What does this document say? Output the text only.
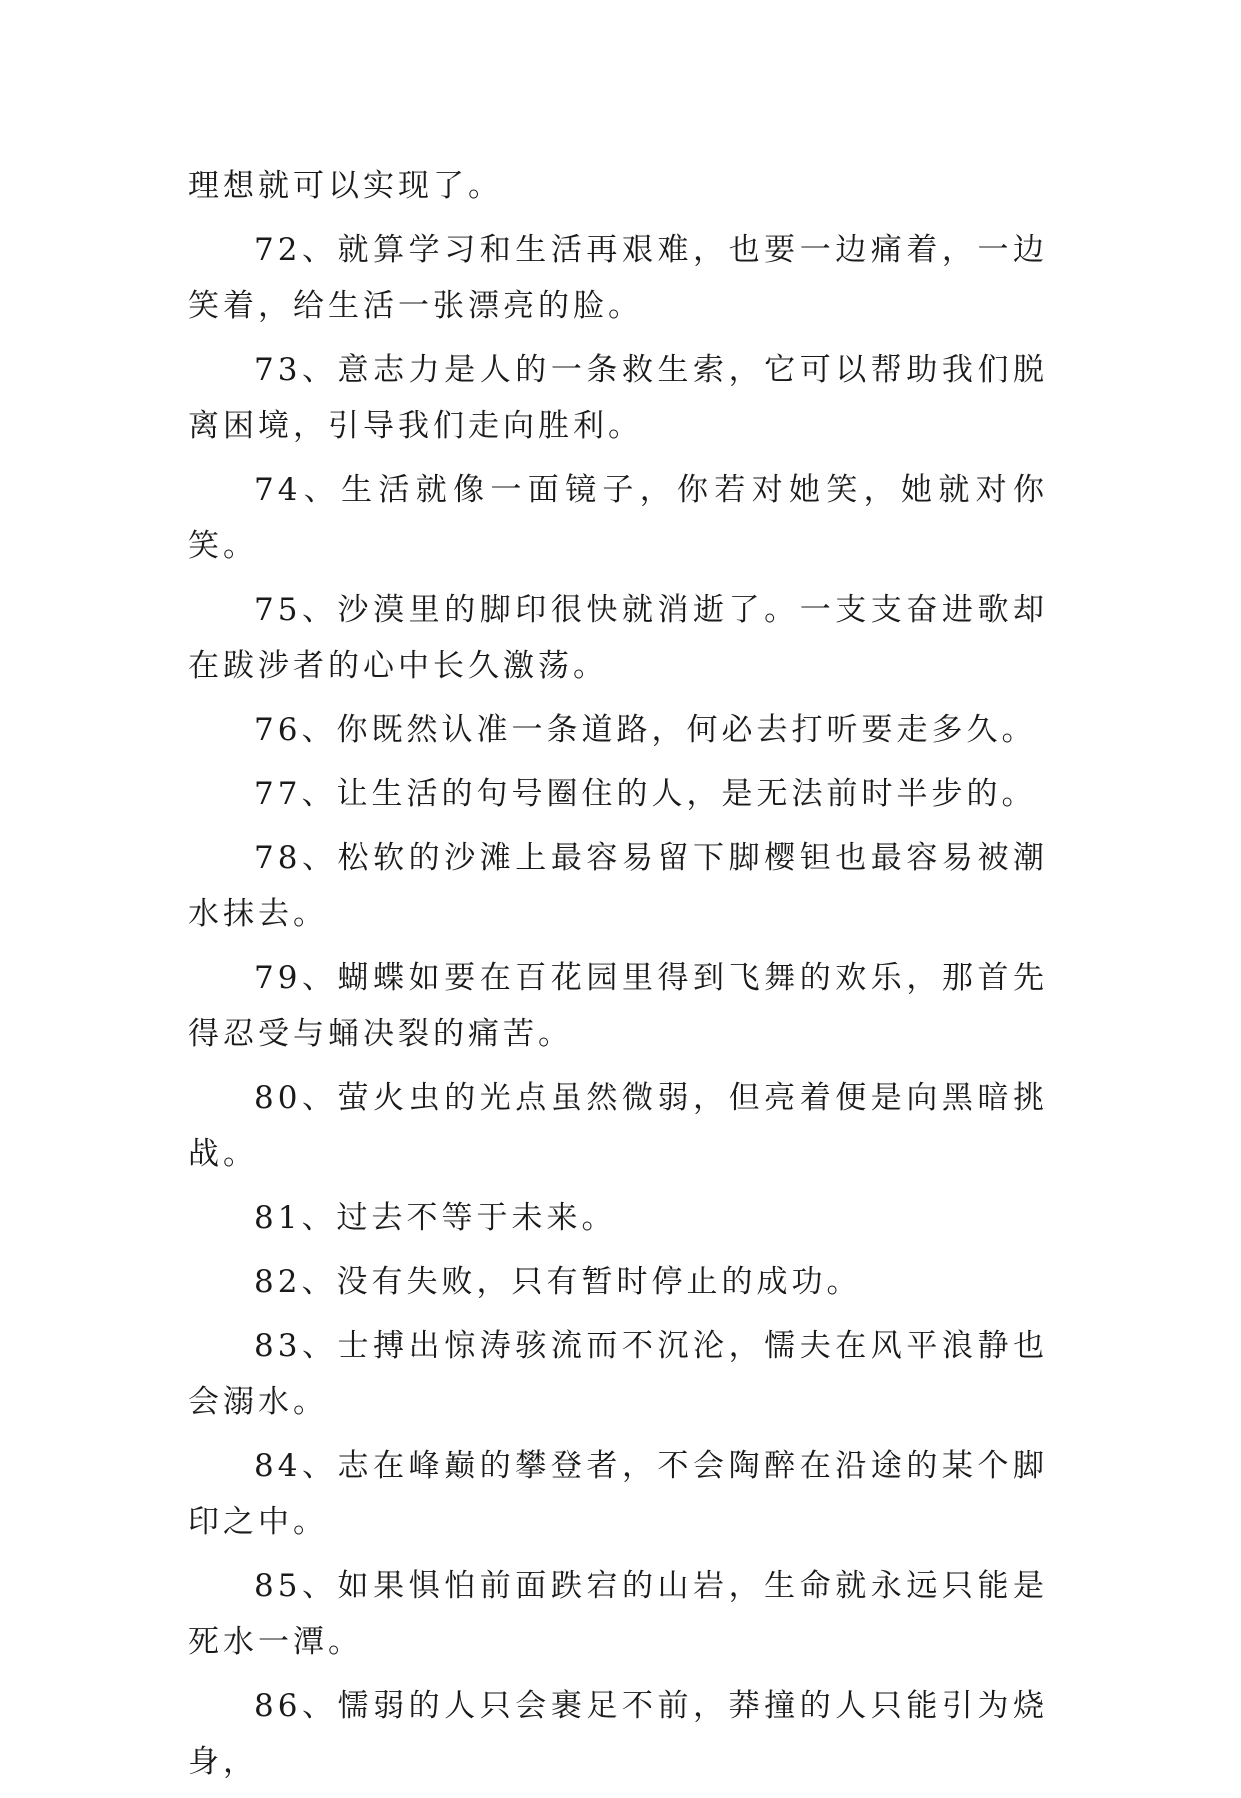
理想就可以实现了。

72、就算学习和生活再艰难，也要一边痛着，一边笑着，给生活一张漂亮的脸。

73、意志力是人的一条救生索，它可以帮助我们脱离困境，引导我们走向胜利。

74、生活就像一面镜子，你若对她笑，她就对你笑。

75、沙漠里的脚印很快就消逝了。一支支奋进歌却在跋涉者的心中长久激荡。

76、你既然认准一条道路，何必去打听要走多久。

77、让生活的句号圈住的人，是无法前时半步的。

78、松软的沙滩上最容易留下脚樱钽也最容易被潮水抹去。

79、蝴蝶如要在百花园里得到飞舞的欢乐，那首先得忍受与蛹决裂的痛苦。

80、萤火虫的光点虽然微弱，但亮着便是向黑暗挑战。

81、过去不等于未来。

82、没有失败，只有暂时停止的成功。

83、士搏出惊涛骇流而不沉沦，懦夫在风平浪静也会溺水。

84、志在峰巅的攀登者，不会陶醉在沿途的某个脚印之中。

85、如果惧怕前面跌宕的山岩，生命就永远只能是死水一潭。

86、懦弱的人只会裹足不前，莽撞的人只能引为烧身，
